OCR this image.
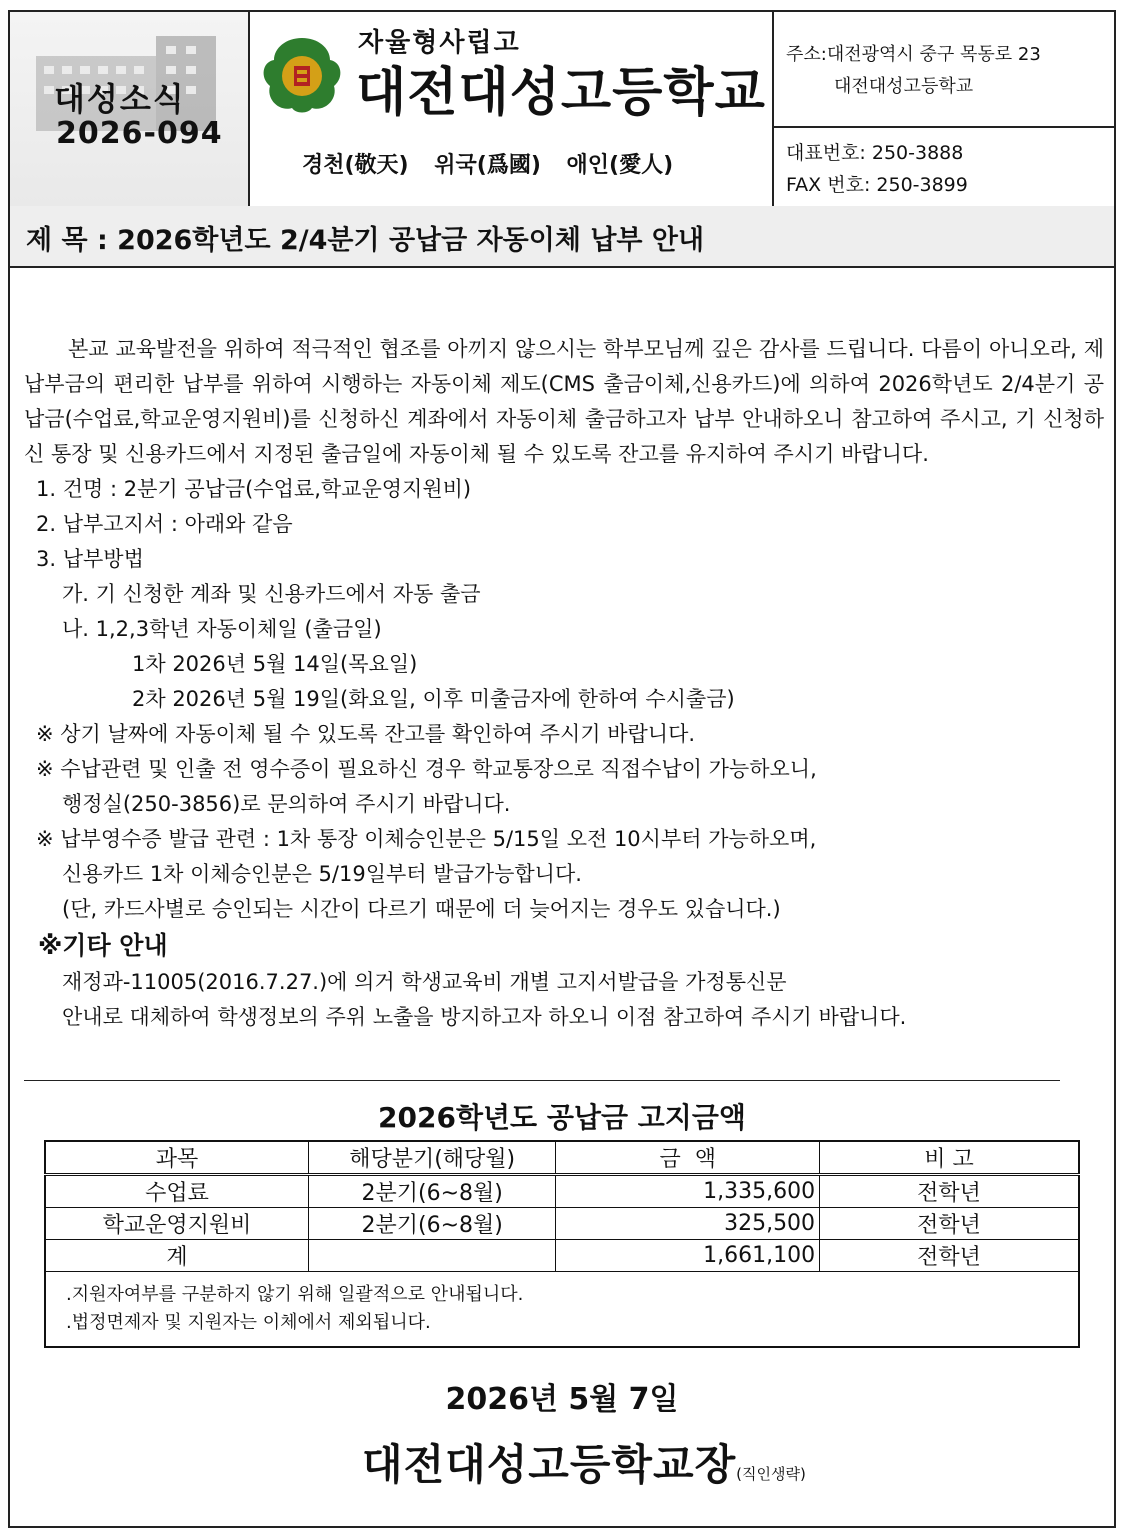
대성소식
2026-094
자율형사립고
대전대성고등학교
경천(敬天) 위국(爲國) 애인(愛人)
주소:대전광역시 중구 목동로 23
대전대성고등학교
대표번호: 250-3888
FAX 번호: 250-3899
제 목 : 2026학년도 2/4분기 공납금 자동이체 납부 안내

본교 교육발전을 위하여 적극적인 협조를 아끼지 않으시는 학부모님께 깊은 감사를 드립니다. 다름이 아니오라, 제 납부금의 편리한 납부를 위하여 시행하는 자동이체 제도(CMS 출금이체,신용카드)에 의하여 2026학년도 2/4분기 공납금(수업료,학교운영지원비)를 신청하신 계좌에서 자동이체 출금하고자 납부 안내하오니 참고하여 주시고, 기 신청하신 통장 및 신용카드에서 지정된 출금일에 자동이체 될 수 있도록 잔고를 유지하여 주시기 바랍니다.

1. 건명 : 2분기 공납금(수업료,학교운영지원비)

2. 납부고지서 : 아래와 같음

3. 납부방법

가. 기 신청한 계좌 및 신용카드에서 자동 출금

나. 1,2,3학년 자동이체일 (출금일)

1차 2026년 5월 14일(목요일)

2차 2026년 5월 19일(화요일, 이후 미출금자에 한하여 수시출금)

※ 상기 날짜에 자동이체 될 수 있도록 잔고를 확인하여 주시기 바랍니다.

※ 수납관련 및 인출 전 영수증이 필요하신 경우 학교통장으로 직접수납이 가능하오니,

행정실(250-3856)로 문의하여 주시기 바랍니다.

※ 납부영수증 발급 관련 : 1차 통장 이체승인분은 5/15일 오전 10시부터 가능하오며,

신용카드 1차 이체승인분은 5/19일부터 발급가능합니다.

(단, 카드사별로 승인되는 시간이 다르기 때문에 더 늦어지는 경우도 있습니다.)

※기타 안내

재정과-11005(2016.7.27.)에 의거 학생교육비 개별 고지서발급을 가정통신문

안내로 대체하여 학생정보의 주위 노출을 방지하고자 하오니 이점 참고하여 주시기 바랍니다.

2026학년도 공납금 고지금액
과목	해당분기(해당월)	금  액	비 고
수업료	2분기(6~8월)	1,335,600	전학년
학교운영지원비	2분기(6~8월)	325,500	전학년
계		1,661,100	전학년

.지원자여부를 구분하지 않기 위해 일괄적으로 안내됩니다.
.법정면제자 및 지원자는 이체에서 제외됩니다.			
2026년 5월 7일
대전대성고등학교장(직인생략)
